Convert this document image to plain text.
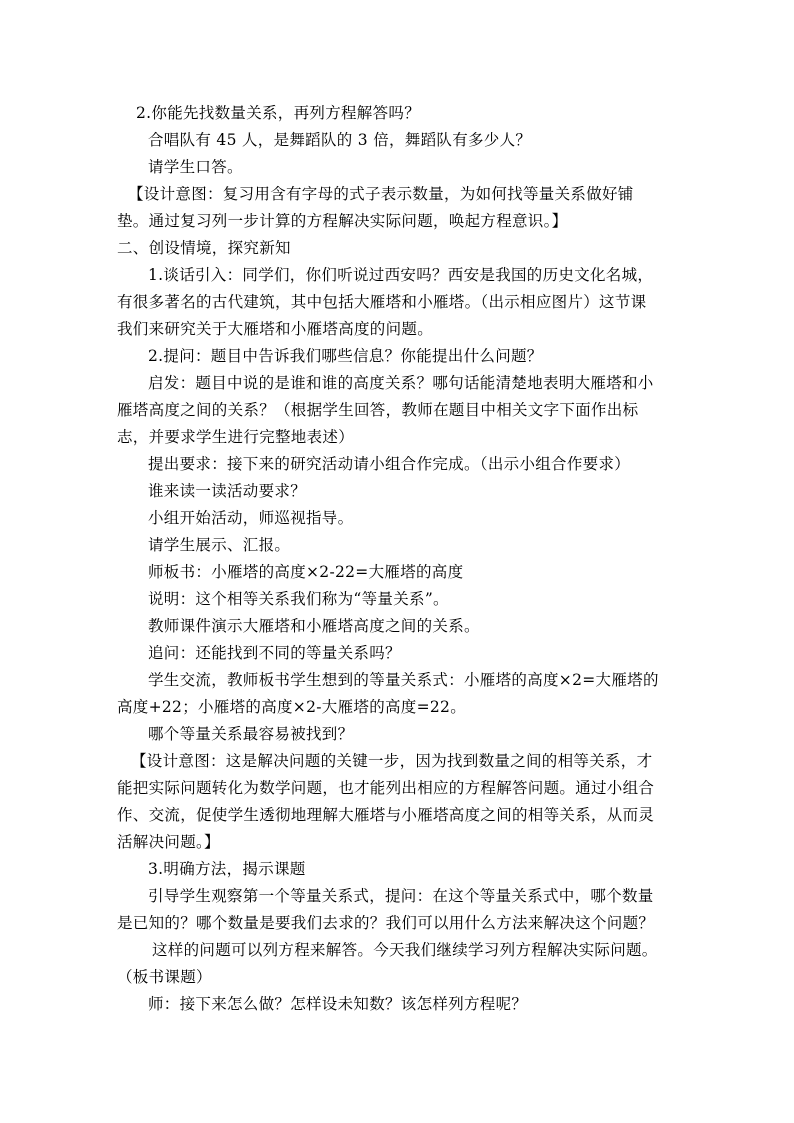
2.你能先找数量关系，再列方程解答吗？
合唱队有 45 人，是舞蹈队的 3 倍，舞蹈队有多少人？
请学生口答。
【设计意图：复习用含有字母的式子表示数量，为如何找等量关系做好铺
垫。通过复习列一步计算的方程解决实际问题，唤起方程意识。】
二、创设情境，探究新知
1.谈话引入：同学们，你们听说过西安吗？西安是我国的历史文化名城，
有很多著名的古代建筑，其中包括大雁塔和小雁塔。（出示相应图片）这节课
我们来研究关于大雁塔和小雁塔高度的问题。
2.提问：题目中告诉我们哪些信息？你能提出什么问题？
启发：题目中说的是谁和谁的高度关系？哪句话能清楚地表明大雁塔和小
雁塔高度之间的关系？（根据学生回答，教师在题目中相关文字下面作出标
志，并要求学生进行完整地表述）
提出要求：接下来的研究活动请小组合作完成。（出示小组合作要求）
谁来读一读活动要求？
小组开始活动，师巡视指导。
请学生展示、汇报。
师板书：小雁塔的高度×2-22=大雁塔的高度
说明：这个相等关系我们称为“等量关系”。
教师课件演示大雁塔和小雁塔高度之间的关系。
追问：还能找到不同的等量关系吗？
学生交流，教师板书学生想到的等量关系式：小雁塔的高度×2=大雁塔的
高度+22；小雁塔的高度×2-大雁塔的高度=22。
哪个等量关系最容易被找到？
【设计意图：这是解决问题的关键一步，因为找到数量之间的相等关系，才
能把实际问题转化为数学问题，也才能列出相应的方程解答问题。通过小组合
作、交流，促使学生透彻地理解大雁塔与小雁塔高度之间的相等关系，从而灵
活解决问题。】
3.明确方法，揭示课题
引导学生观察第一个等量关系式，提问：在这个等量关系式中，哪个数量
是已知的？哪个数量是要我们去求的？我们可以用什么方法来解决这个问题？
这样的问题可以列方程来解答。今天我们继续学习列方程解决实际问题。
（板书课题）
师：接下来怎么做？怎样设未知数？该怎样列方程呢？
